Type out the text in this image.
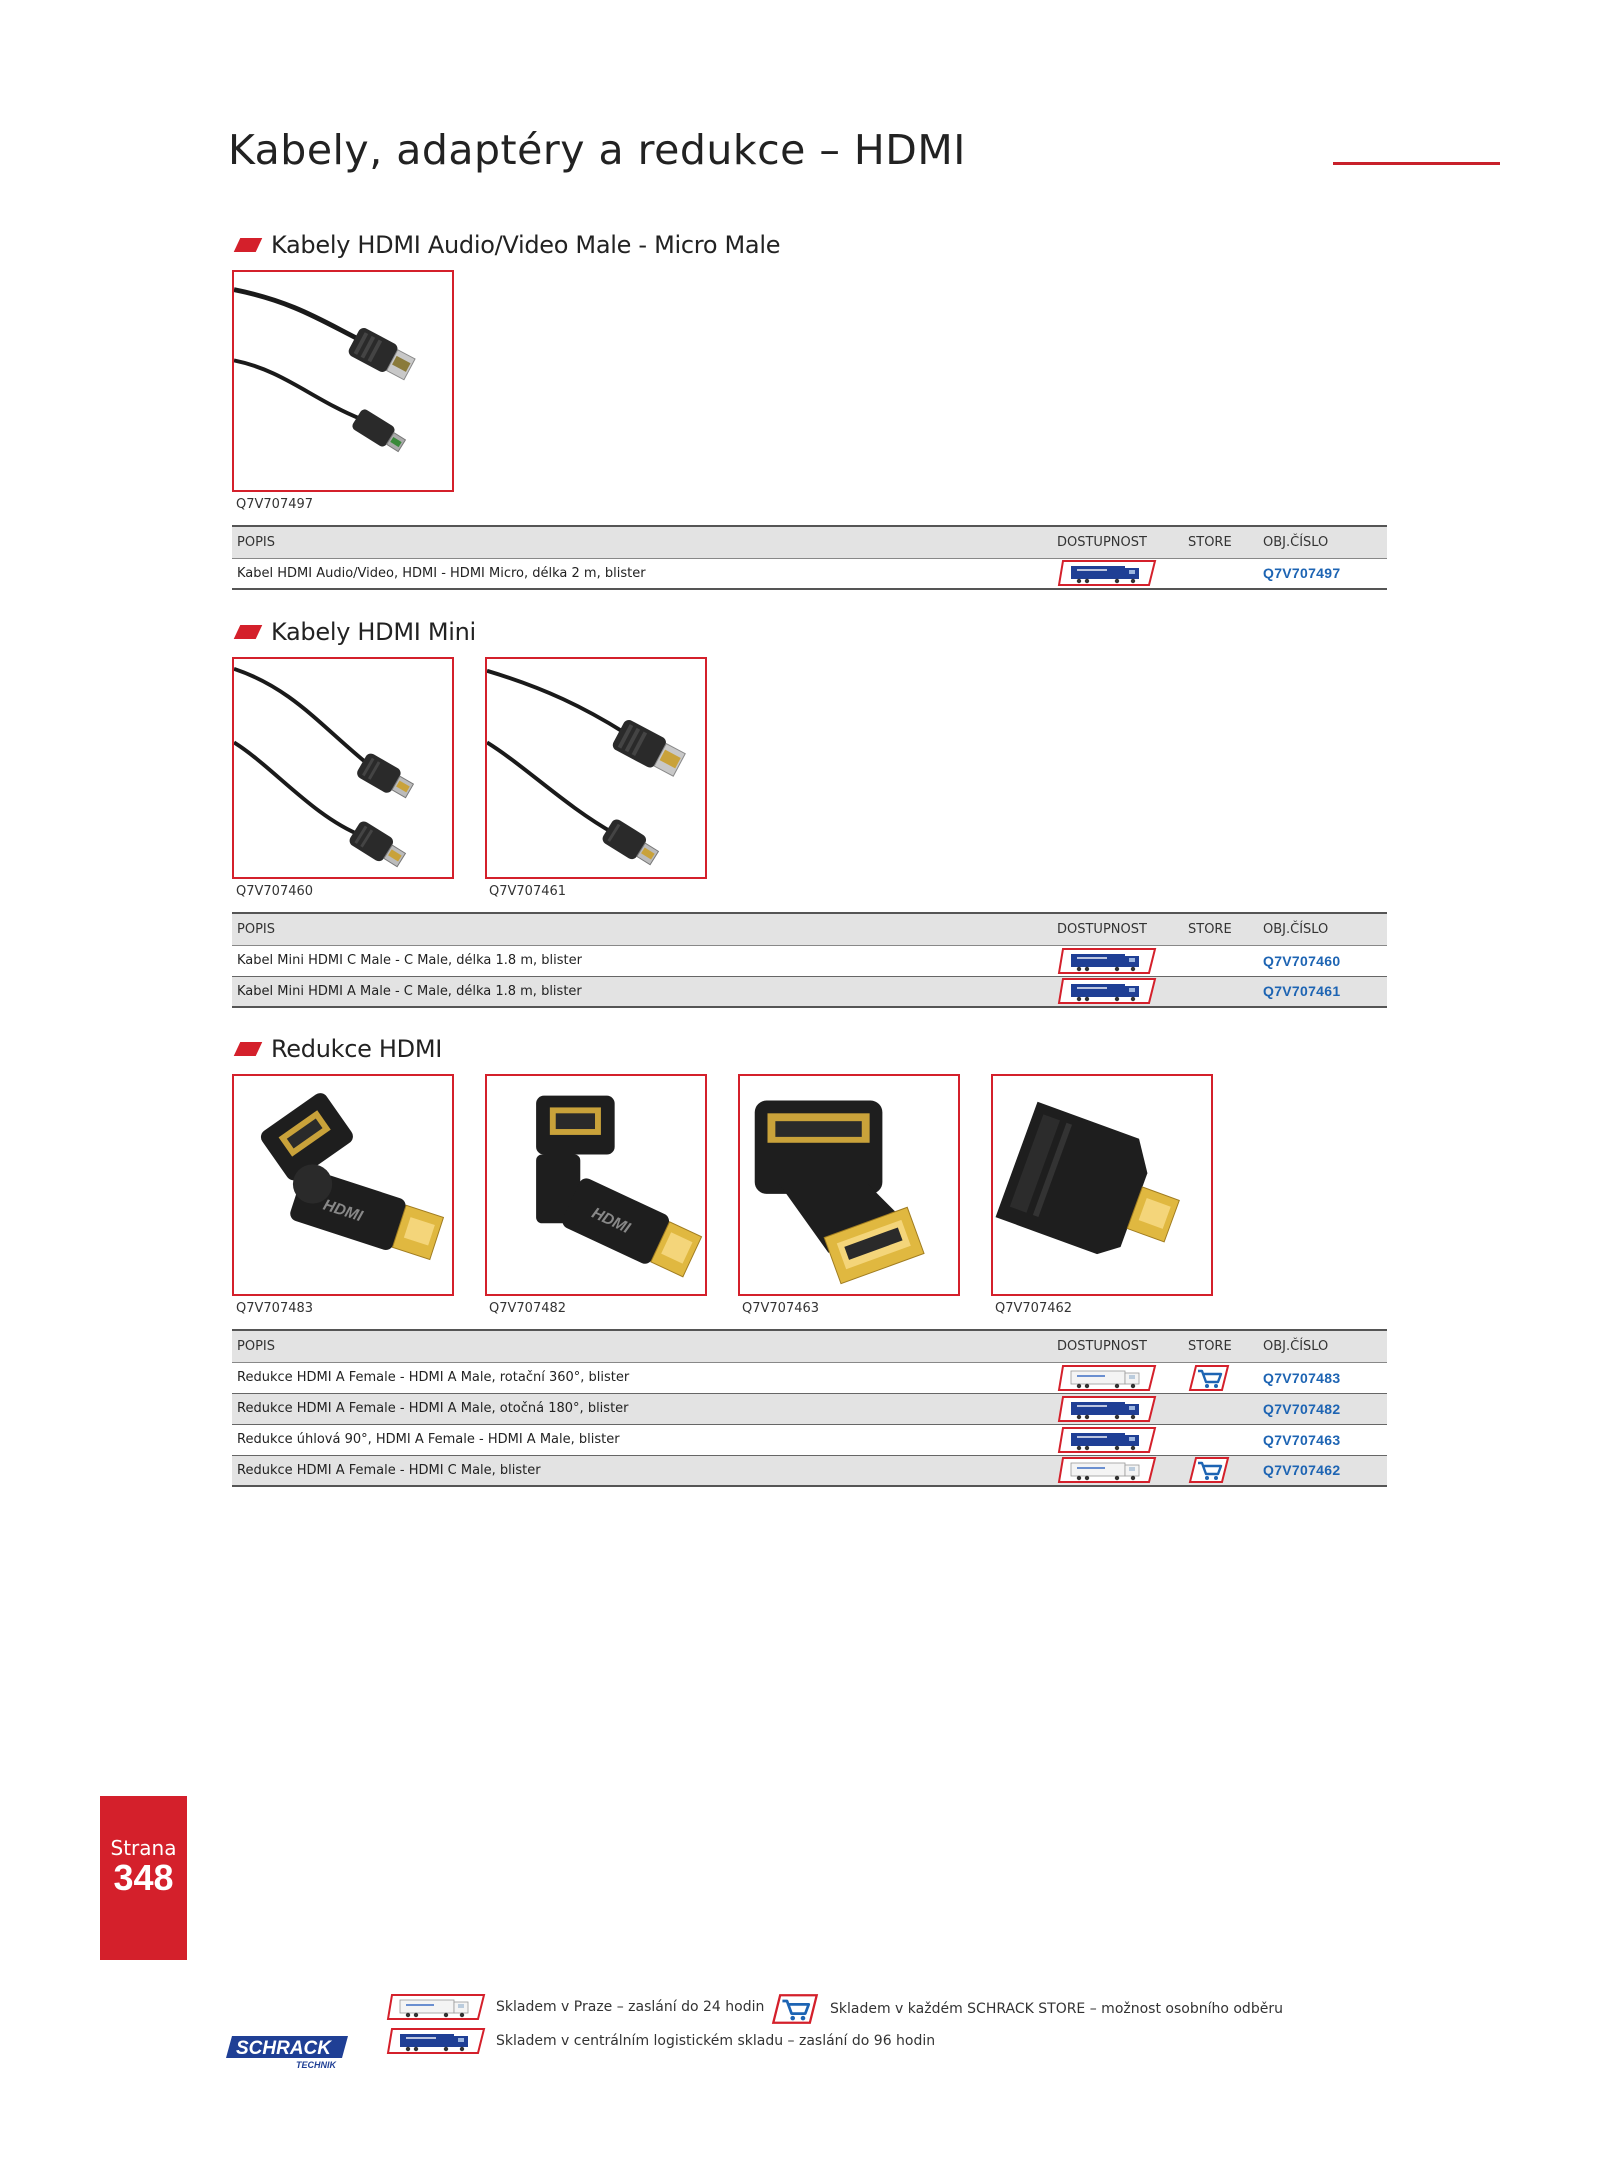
Kabely, adaptéry a redukce – HDMI
Kabely HDMI Audio/Video Male - Micro Male
Q7V707497
POPIS	DOSTUPNOST	STORE	OBJ.ČÍSLO
Kabel HDMI Audio/Video, HDMI - HDMI Micro, délka 2 m, blister			Q7V707497
Kabely HDMI Mini
Q7V707460	Q7V707461
POPIS	DOSTUPNOST	STORE	OBJ.ČÍSLO
Kabel Mini HDMI C Male - C Male, délka 1.8 m, blister			Q7V707460
Kabel Mini HDMI A Male - C Male, délka 1.8 m, blister			Q7V707461
Redukce HDMI
Q7V707483	Q7V707482	Q7V707463	Q7V707462
POPIS	DOSTUPNOST	STORE	OBJ.ČÍSLO
Redukce HDMI A Female - HDMI A Male, rotační 360°, blister			Q7V707483
Redukce HDMI A Female - HDMI A Male, otočná 180°, blister			Q7V707482
Redukce úhlová 90°, HDMI A Female - HDMI A Male, blister			Q7V707463
Redukce HDMI A Female - HDMI C Male, blister			Q7V707462
Strana
348
Skladem v Praze – zaslání do 24 hodin	Skladem v každém SCHRACK STORE – možnost osobního odběru
Skladem v centrálním logistickém skladu – zaslání do 96 hodin
SCHRACK
TECHNIK
